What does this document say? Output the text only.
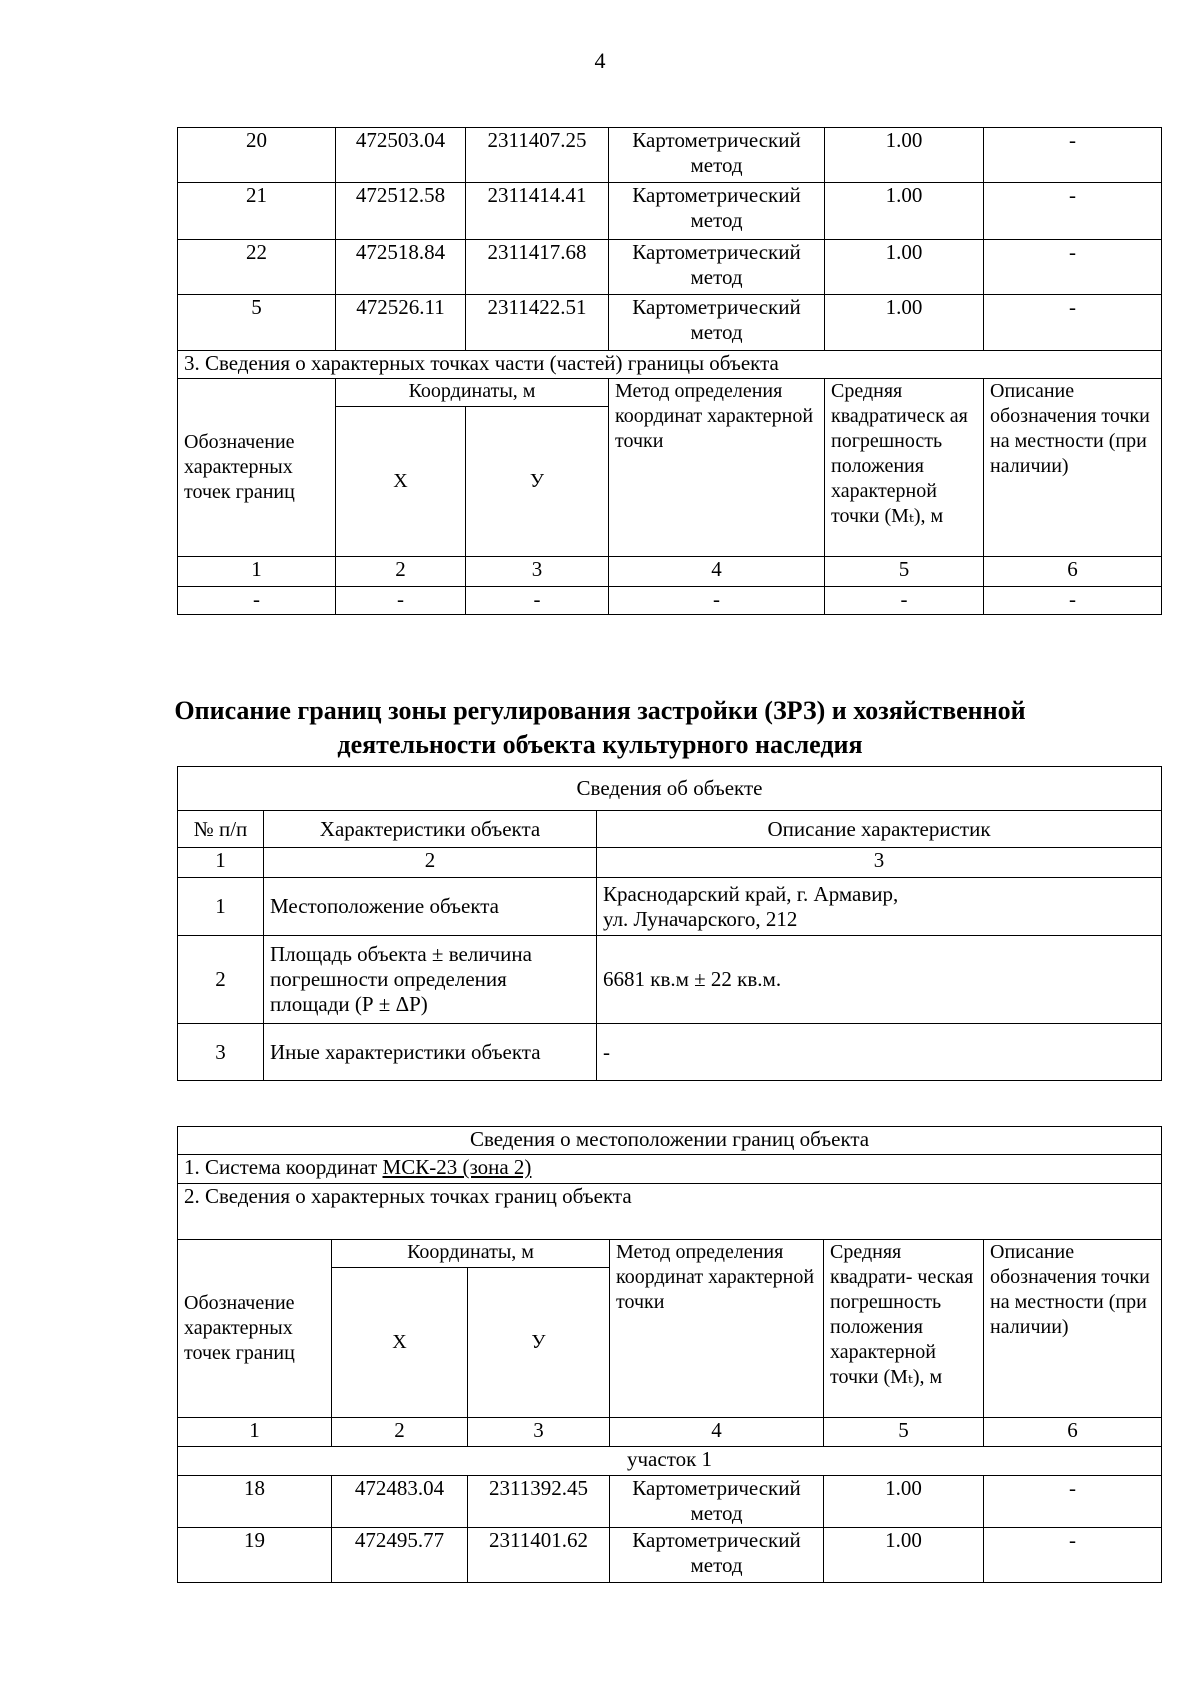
4
20	472503.04	2311407.25	Картометрический метод	1.00	-
21	472512.58	2311414.41	Картометрический метод	1.00	-
22	472518.84	2311417.68	Картометрический метод	1.00	-
5	472526.11	2311422.51	Картометрический метод	1.00	-
3. Сведения о характерных точках части (частей) границы объекта					
Обозначение характерных точек границ	Координаты, м		Метод определения координат характерной точки	Средняя квадратическ ая погрешность положения характерной точки (Mₜ), м	Описание обозначения точки на местности (при наличии)
	Х	У			
1	2	3	4	5	6
-	-	-	-	-	-
Описание границ зоны регулирования застройки (ЗРЗ) и хозяйственной
деятельности объекта культурного наследия
Сведения об объекте		
№ п/п	Характеристики объекта	Описание характеристик
1	2	3
1	Местоположение объекта	Краснодарский край, г. Армавир,
ул. Луначарского, 212

2	Площадь объекта ± величина погрешности определения площади (Р ± ΔР)	6681 кв.м ± 22 кв.м.
3	Иные характеристики объекта	-
Сведения о местоположении границ объекта					
1. Система координат МСК-23 (зона 2)					
2. Сведения о характерных точках границ объекта					
Обозначение характерных точек границ	Координаты, м		Метод определения координат характерной точки	Средняя квадрати- ческая погрешность положения характерной точки (Mₜ), м	Описание обозначения точки на местности (при наличии)
	Х	У			
1	2	3	4	5	6
участок 1					
18	472483.04	2311392.45	Картометрический метод	1.00	-
19	472495.77	2311401.62	Картометрический метод	1.00	-
